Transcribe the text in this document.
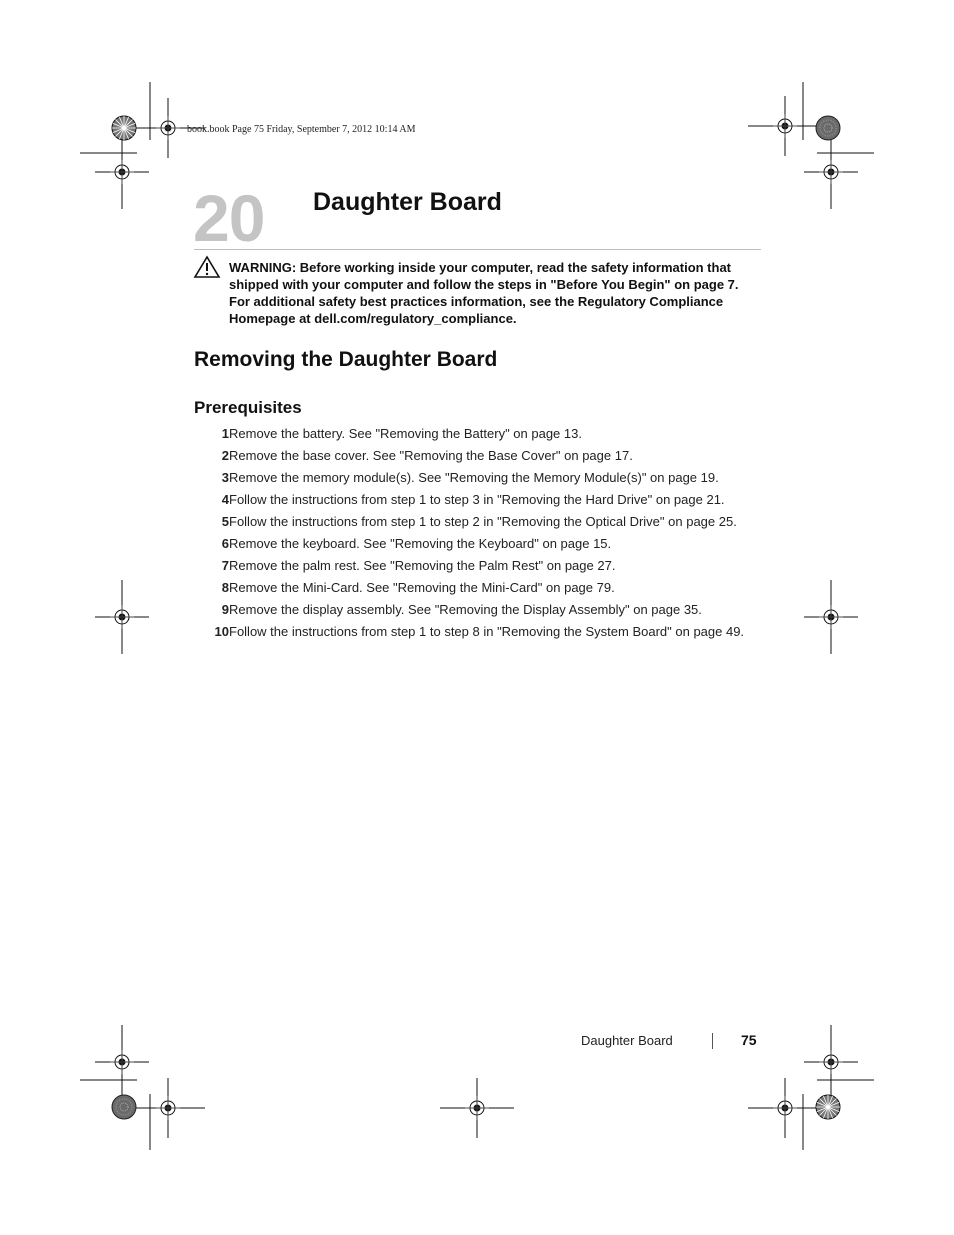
book.book Page 75 Friday, September 7, 2012 10:14 AM
20 Daughter Board
WARNING: Before working inside your computer, read the safety information that shipped with your computer and follow the steps in "Before You Begin" on page 7. For additional safety best practices information, see the Regulatory Compliance Homepage at dell.com/regulatory_compliance.
Removing the Daughter Board
Prerequisites
1 Remove the battery. See "Removing the Battery" on page 13.
2 Remove the base cover. See "Removing the Base Cover" on page 17.
3 Remove the memory module(s). See "Removing the Memory Module(s)" on page 19.
4 Follow the instructions from step 1 to step 3 in "Removing the Hard Drive" on page 21.
5 Follow the instructions from step 1 to step 2 in "Removing the Optical Drive" on page 25.
6 Remove the keyboard. See "Removing the Keyboard" on page 15.
7 Remove the palm rest. See "Removing the Palm Rest" on page 27.
8 Remove the Mini-Card. See "Removing the Mini-Card" on page 79.
9 Remove the display assembly. See "Removing the Display Assembly" on page 35.
10 Follow the instructions from step 1 to step 8 in "Removing the System Board" on page 49.
Daughter Board	75
